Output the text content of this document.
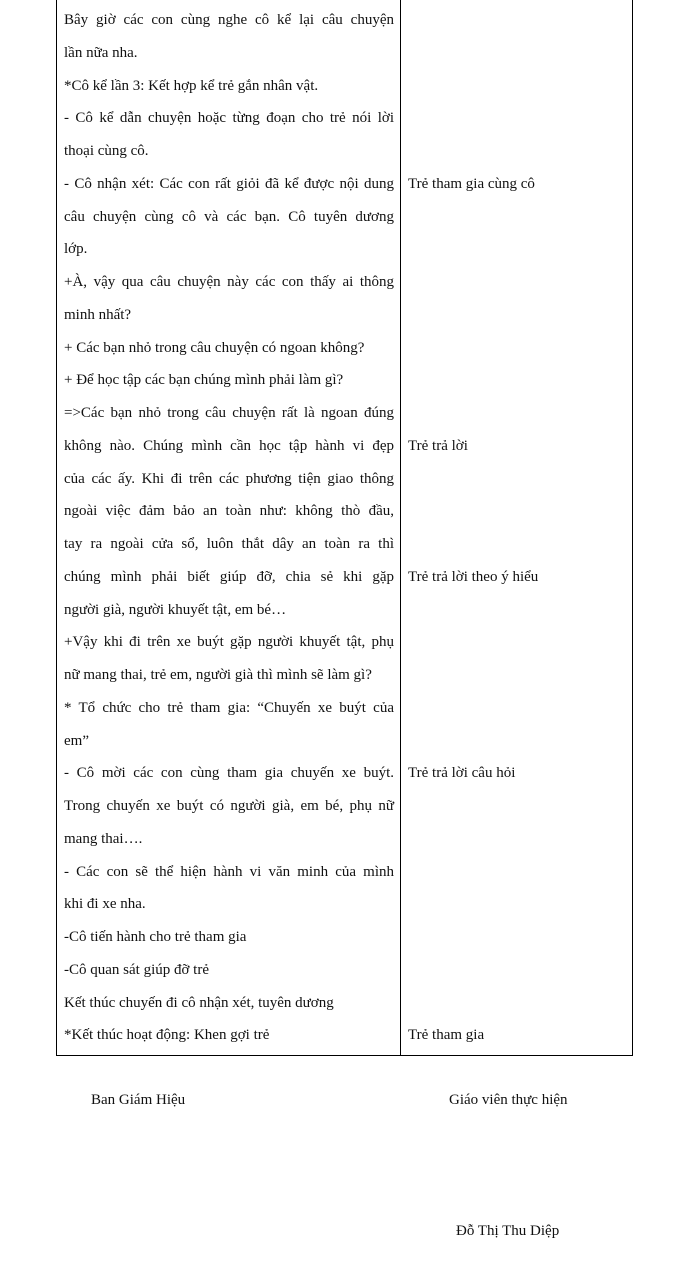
Bây giờ các con cùng nghe cô kể lại câu chuyện
lần nữa nha.
*Cô kể lần 3: Kết hợp kể trẻ gắn nhân vật.
- Cô kể dẫn chuyện hoặc từng đoạn cho trẻ nói lời
thoại cùng cô.
- Cô nhận xét: Các con rất giỏi đã kể được nội dung
câu chuyện cùng cô và các bạn. Cô tuyên dương
lớp.
+À, vậy qua câu chuyện này các con thấy ai thông
minh nhất?
+ Các bạn nhỏ trong câu chuyện có ngoan không?
+ Để học tập các bạn chúng mình phải làm gì?
=>Các bạn nhỏ trong câu chuyện rất là ngoan đúng
không nào. Chúng mình cần học tập hành vi đẹp
của các ấy. Khi đi trên các phương tiện giao thông
ngoài việc đảm bảo an toàn như: không thò đầu,
tay ra ngoài cửa sổ, luôn thắt dây an toàn ra thì
chúng mình phải biết giúp đỡ, chia sẻ khi gặp
người già, người khuyết tật, em bé…
+Vậy khi đi trên xe buýt gặp người khuyết tật, phụ
nữ mang thai, trẻ em, người già thì mình sẽ làm gì?
* Tổ chức cho trẻ tham gia: “Chuyến xe buýt của
em”
- Cô mời các con cùng tham gia chuyến xe buýt.
Trong chuyến xe buýt có người già, em bé, phụ nữ
mang thai….
- Các con sẽ thể hiện hành vi văn minh của mình
khi đi xe nha.
-Cô tiến hành cho trẻ tham gia
-Cô quan sát giúp đỡ trẻ
Kết thúc chuyến đi cô nhận xét, tuyên dương
*Kết thúc hoạt động: Khen gợi trẻ
Trẻ tham gia cùng cô
Trẻ trả lời
Trẻ trả lời theo ý hiểu
Trẻ trả lời câu hỏi
Trẻ tham gia
Ban Giám Hiệu	Giáo viên thực hiện
Đỗ Thị Thu Diệp
